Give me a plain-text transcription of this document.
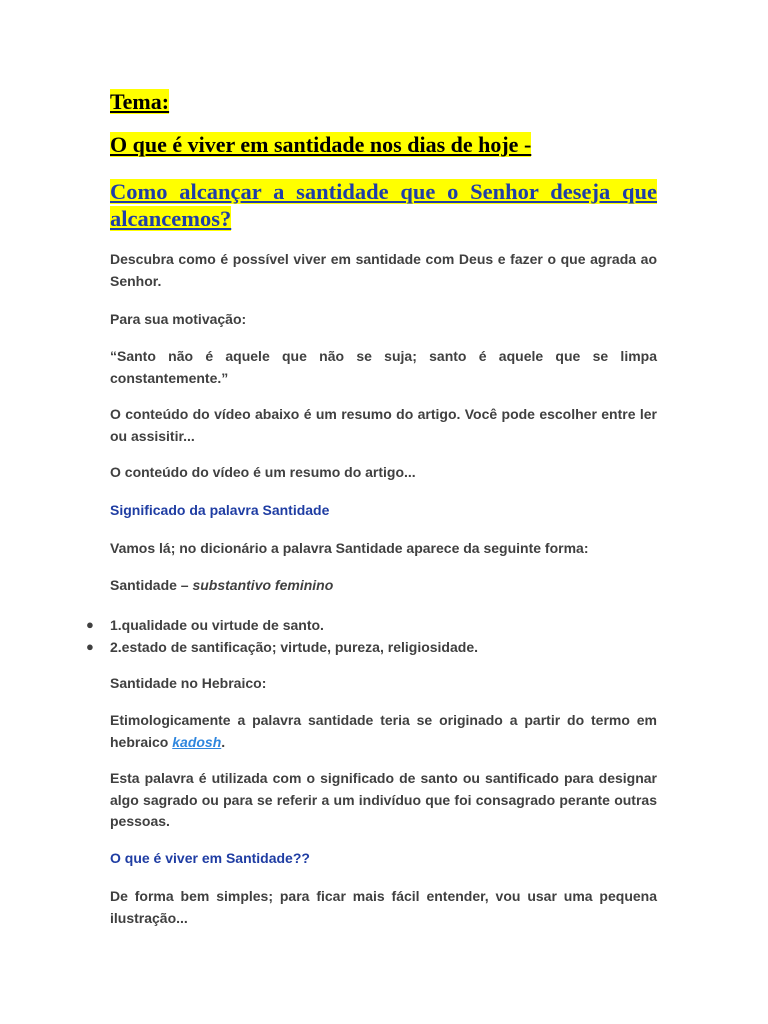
Tema:
O que é viver em santidade nos dias de hoje -
Como alcançar a santidade que o Senhor deseja que alcancemos?
Descubra como é possível viver em santidade com Deus e fazer o que agrada ao Senhor.
Para sua motivação:
“Santo não é aquele que não se suja; santo é aquele que se limpa constantemente.”
O conteúdo do vídeo abaixo é um resumo do artigo. Você pode escolher entre ler ou assisitir...
O conteúdo do vídeo é um resumo do artigo...
Significado da palavra Santidade
Vamos lá; no dicionário a palavra Santidade aparece da seguinte forma:
Santidade – substantivo feminino
● 1.qualidade ou virtude de santo.
● 2.estado de santificação; virtude, pureza, religiosidade.
Santidade no Hebraico:
Etimologicamente a palavra santidade teria se originado a partir do termo em hebraico kadosh.
Esta palavra é utilizada com o significado de santo ou santificado para designar algo sagrado ou para se referir a um indivíduo que foi consagrado perante outras pessoas.
O que é viver em Santidade??
De forma bem simples; para ficar mais fácil entender, vou usar uma pequena ilustração...
